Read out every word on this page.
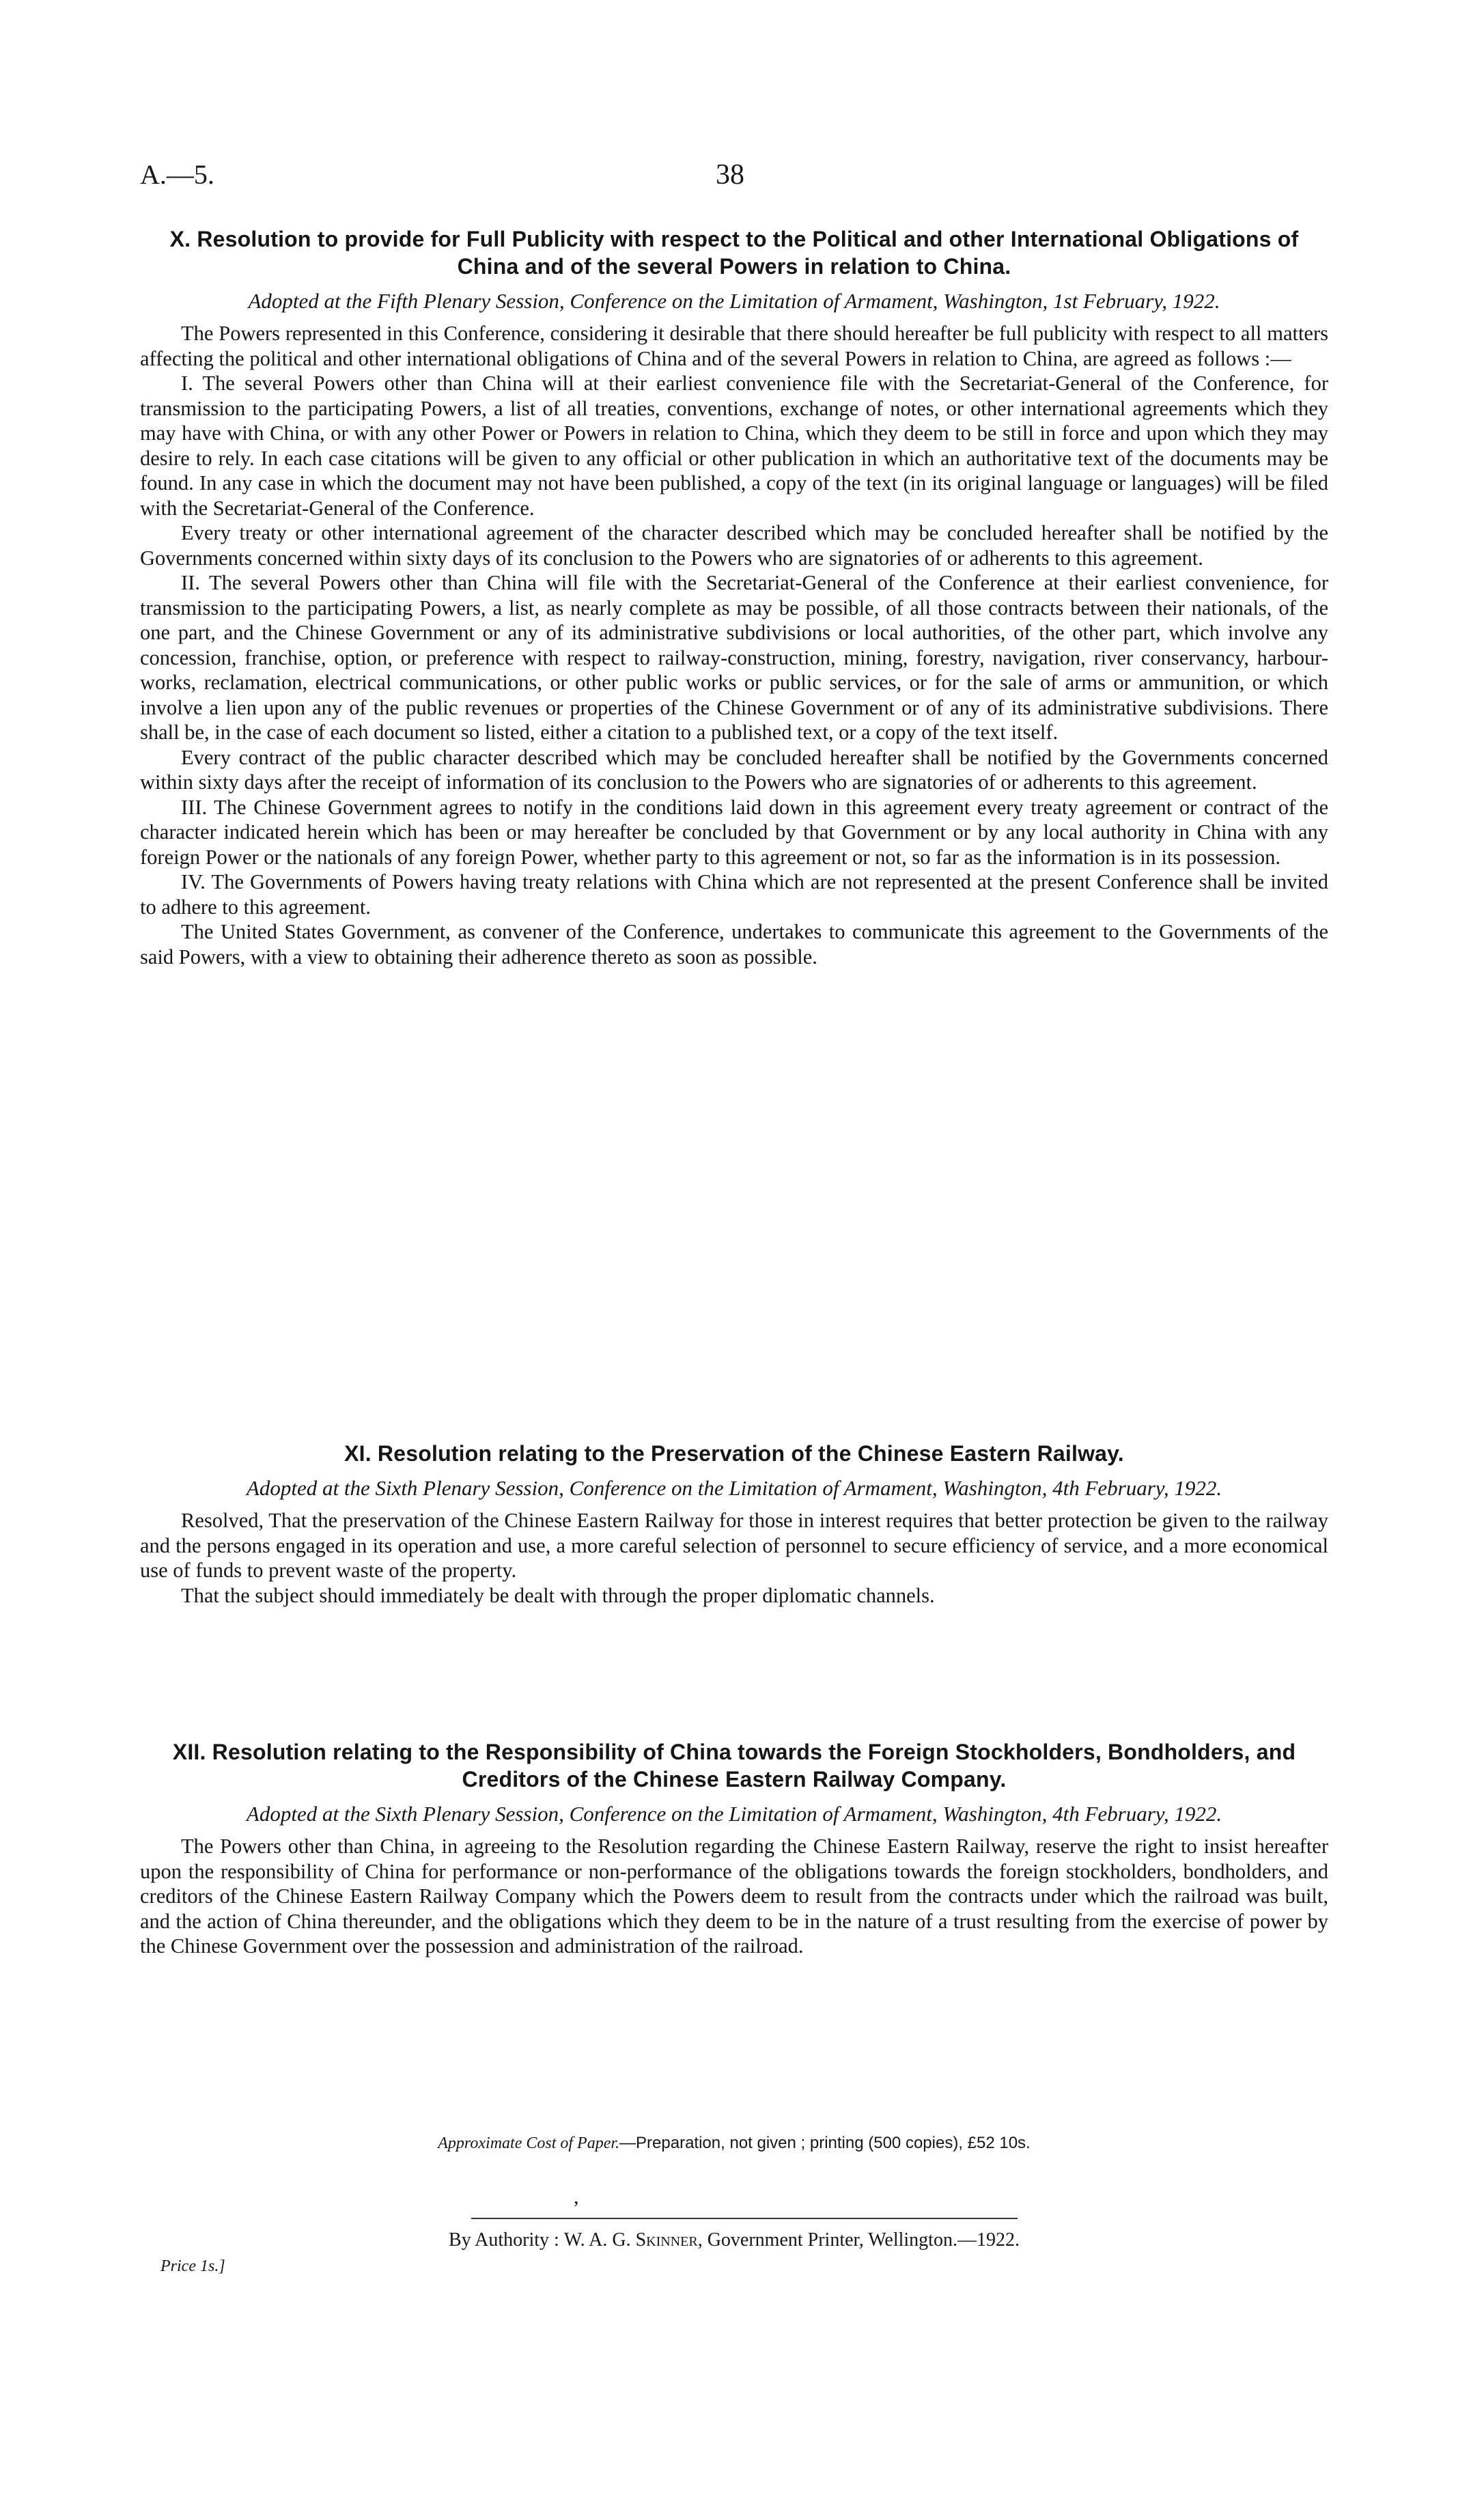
A.—5.	38

X. Resolution to provide for Full Publicity with respect to the Political and other International Obligations of China and of the several Powers in relation to China.

Adopted at the Fifth Plenary Session, Conference on the Limitation of Armament, Washington, 1st February, 1922.

The Powers represented in this Conference, considering it desirable that there should hereafter be full publicity with respect to all matters affecting the political and other international obligations of China and of the several Powers in relation to China, are agreed as follows :—

I. The several Powers other than China will at their earliest convenience file with the Secretariat-General of the Conference, for transmission to the participating Powers, a list of all treaties, conventions, exchange of notes, or other international agreements which they may have with China, or with any other Power or Powers in relation to China, which they deem to be still in force and upon which they may desire to rely. In each case citations will be given to any official or other publication in which an authoritative text of the documents may be found. In any case in which the document may not have been published, a copy of the text (in its original language or languages) will be filed with the Secretariat-General of the Conference.

Every treaty or other international agreement of the character described which may be concluded hereafter shall be notified by the Governments concerned within sixty days of its conclusion to the Powers who are signatories of or adherents to this agreement.

II. The several Powers other than China will file with the Secretariat-General of the Conference at their earliest convenience, for transmission to the participating Powers, a list, as nearly complete as may be possible, of all those contracts between their nationals, of the one part, and the Chinese Government or any of its administrative subdivisions or local authorities, of the other part, which involve any concession, franchise, option, or preference with respect to railway-construction, mining, forestry, navigation, river conservancy, harbour-works, reclamation, electrical communications, or other public works or public services, or for the sale of arms or ammunition, or which involve a lien upon any of the public revenues or properties of the Chinese Government or of any of its administrative subdivisions. There shall be, in the case of each document so listed, either a citation to a published text, or a copy of the text itself.

Every contract of the public character described which may be concluded hereafter shall be notified by the Governments concerned within sixty days after the receipt of information of its conclusion to the Powers who are signatories of or adherents to this agreement.

III. The Chinese Government agrees to notify in the conditions laid down in this agreement every treaty agreement or contract of the character indicated herein which has been or may hereafter be concluded by that Government or by any local authority in China with any foreign Power or the nationals of any foreign Power, whether party to this agreement or not, so far as the information is in its possession.

IV. The Governments of Powers having treaty relations with China which are not represented at the present Conference shall be invited to adhere to this agreement.

The United States Government, as convener of the Conference, undertakes to communicate this agreement to the Governments of the said Powers, with a view to obtaining their adherence thereto as soon as possible.

XI. Resolution relating to the Preservation of the Chinese Eastern Railway.

Adopted at the Sixth Plenary Session, Conference on the Limitation of Armament, Washington, 4th February, 1922.

Resolved, That the preservation of the Chinese Eastern Railway for those in interest requires that better protection be given to the railway and the persons engaged in its operation and use, a more careful selection of personnel to secure efficiency of service, and a more economical use of funds to prevent waste of the property.

That the subject should immediately be dealt with through the proper diplomatic channels.

XII. Resolution relating to the Responsibility of China towards the Foreign Stockholders, Bondholders, and Creditors of the Chinese Eastern Railway Company.

Adopted at the Sixth Plenary Session, Conference on the Limitation of Armament, Washington, 4th February, 1922.

The Powers other than China, in agreeing to the Resolution regarding the Chinese Eastern Railway, reserve the right to insist hereafter upon the responsibility of China for performance or non-performance of the obligations towards the foreign stockholders, bondholders, and creditors of the Chinese Eastern Railway Company which the Powers deem to result from the contracts under which the railroad was built, and the action of China thereunder, and the obligations which they deem to be in the nature of a trust resulting from the exercise of power by the Chinese Government over the possession and administration of the railroad.

Approximate Cost of Paper.—Preparation, not given ; printing (500 copies), £52 10s.
,
By Authority : W. A. G. Skinner, Government Printer, Wellington.—1922.
Price 1s.]
